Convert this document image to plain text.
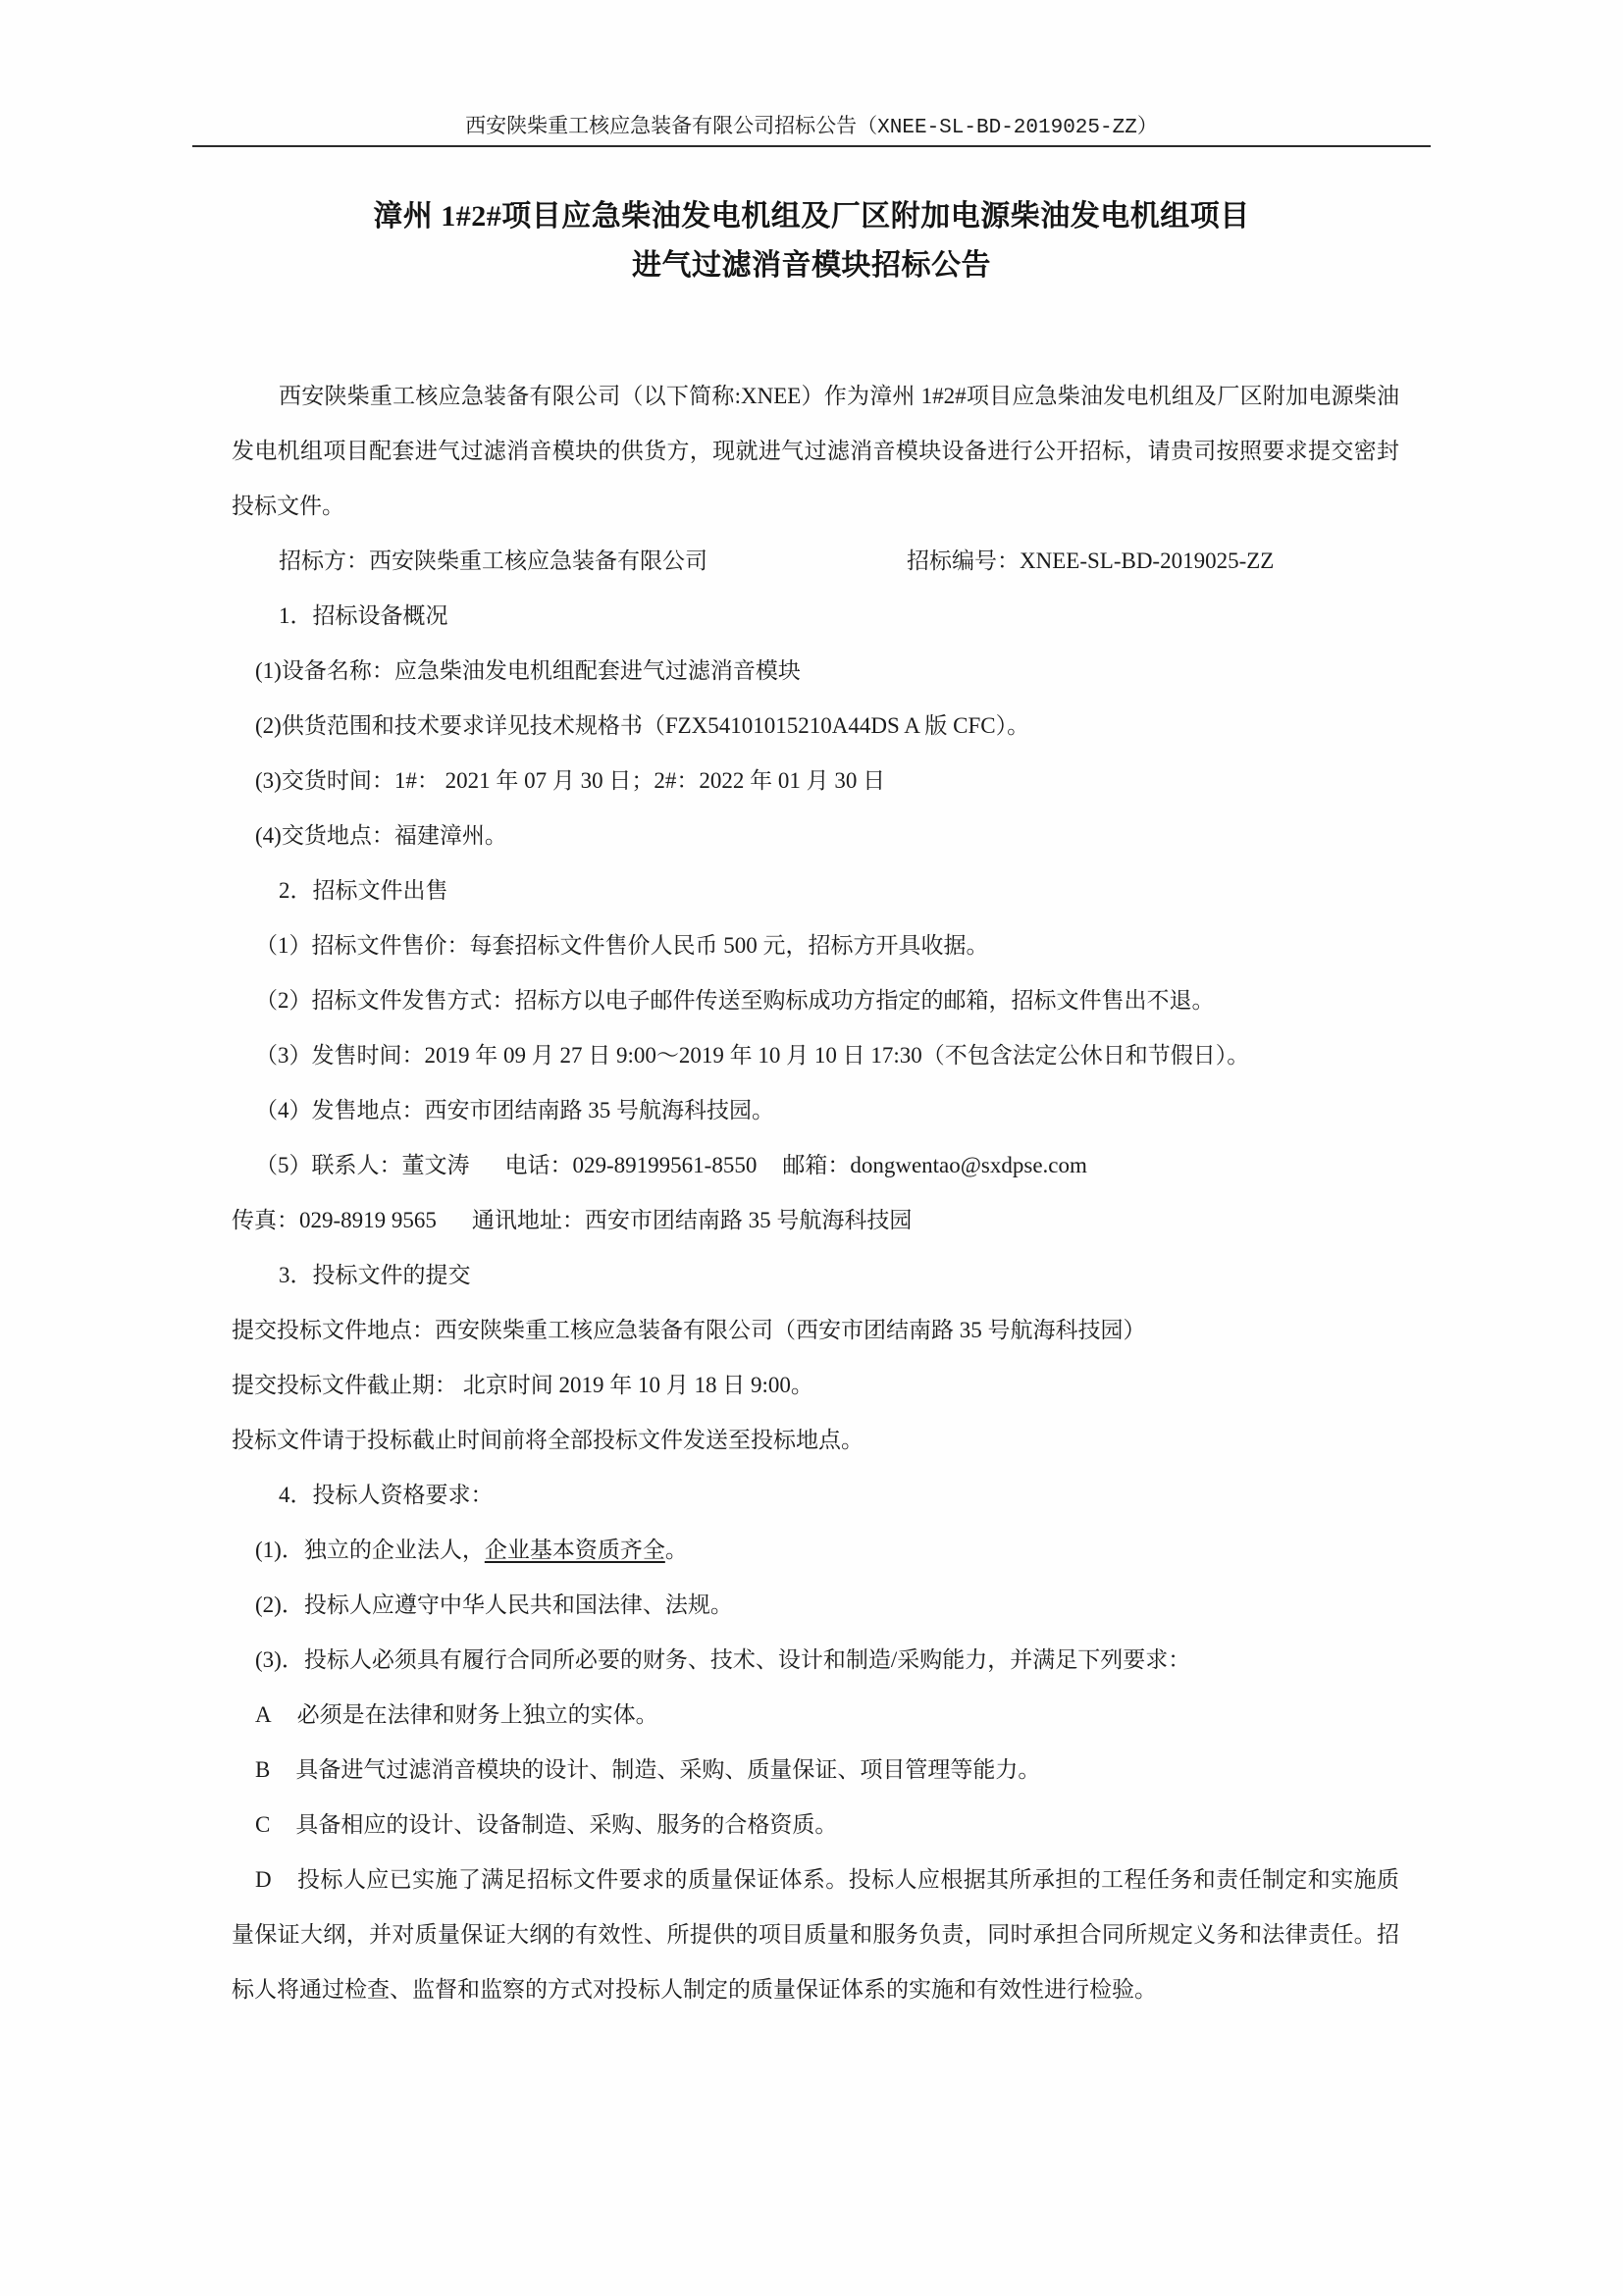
西安陕柴重工核应急装备有限公司招标公告（XNEE-SL-BD-2019025-ZZ）
漳州 1#2#项目应急柴油发电机组及厂区附加电源柴油发电机组项目
进气过滤消音模块招标公告

西安陕柴重工核应急装备有限公司（以下简称:XNEE）作为漳州 1#2#项目应急柴油发电机组及厂区附加电源柴油发电机组项目配套进气过滤消音模块的供货方，现就进气过滤消音模块设备进行公开招标，请贵司按照要求提交密封投标文件。

招标方：西安陕柴重工核应急装备有限公司	招标编号：XNEE-SL-BD-2019025-ZZ

1．招标设备概况

(1)设备名称：应急柴油发电机组配套进气过滤消音模块

(2)供货范围和技术要求详见技术规格书（FZX54101015210A44DS A 版 CFC）。

(3)交货时间：1#： 2021 年 07 月 30 日；2#：2022 年 01 月 30 日

(4)交货地点：福建漳州。

2．招标文件出售

（1）招标文件售价：每套招标文件售价人民币 500 元，招标方开具收据。

（2）招标文件发售方式：招标方以电子邮件传送至购标成功方指定的邮箱，招标文件售出不退。

（3）发售时间：2019 年 09 月 27 日 9:00～2019 年 10 月 10 日 17:30（不包含法定公休日和节假日）。

（4）发售地点：西安市团结南路 35 号航海科技园。

（5）联系人：董文涛 电话：029-89199561-8550 邮箱：dongwentao@sxdpse.com

传真：029-8919 9565 通讯地址：西安市团结南路 35 号航海科技园

3．投标文件的提交

提交投标文件地点：西安陕柴重工核应急装备有限公司（西安市团结南路 35 号航海科技园）

提交投标文件截止期： 北京时间 2019 年 10 月 18 日 9:00。

投标文件请于投标截止时间前将全部投标文件发送至投标地点。

4．投标人资格要求：

(1)．独立的企业法人，企业基本资质齐全。

(2)．投标人应遵守中华人民共和国法律、法规。

(3)．投标人必须具有履行合同所必要的财务、技术、设计和制造/采购能力，并满足下列要求：

A 必须是在法律和财务上独立的实体。

B 具备进气过滤消音模块的设计、制造、采购、质量保证、项目管理等能力。

C 具备相应的设计、设备制造、采购、服务的合格资质。

D 投标人应已实施了满足招标文件要求的质量保证体系。投标人应根据其所承担的工程任务和责任制定和实施质量保证大纲，并对质量保证大纲的有效性、所提供的项目质量和服务负责，同时承担合同所规定义务和法律责任。招标人将通过检查、监督和监察的方式对投标人制定的质量保证体系的实施和有效性进行检验。
